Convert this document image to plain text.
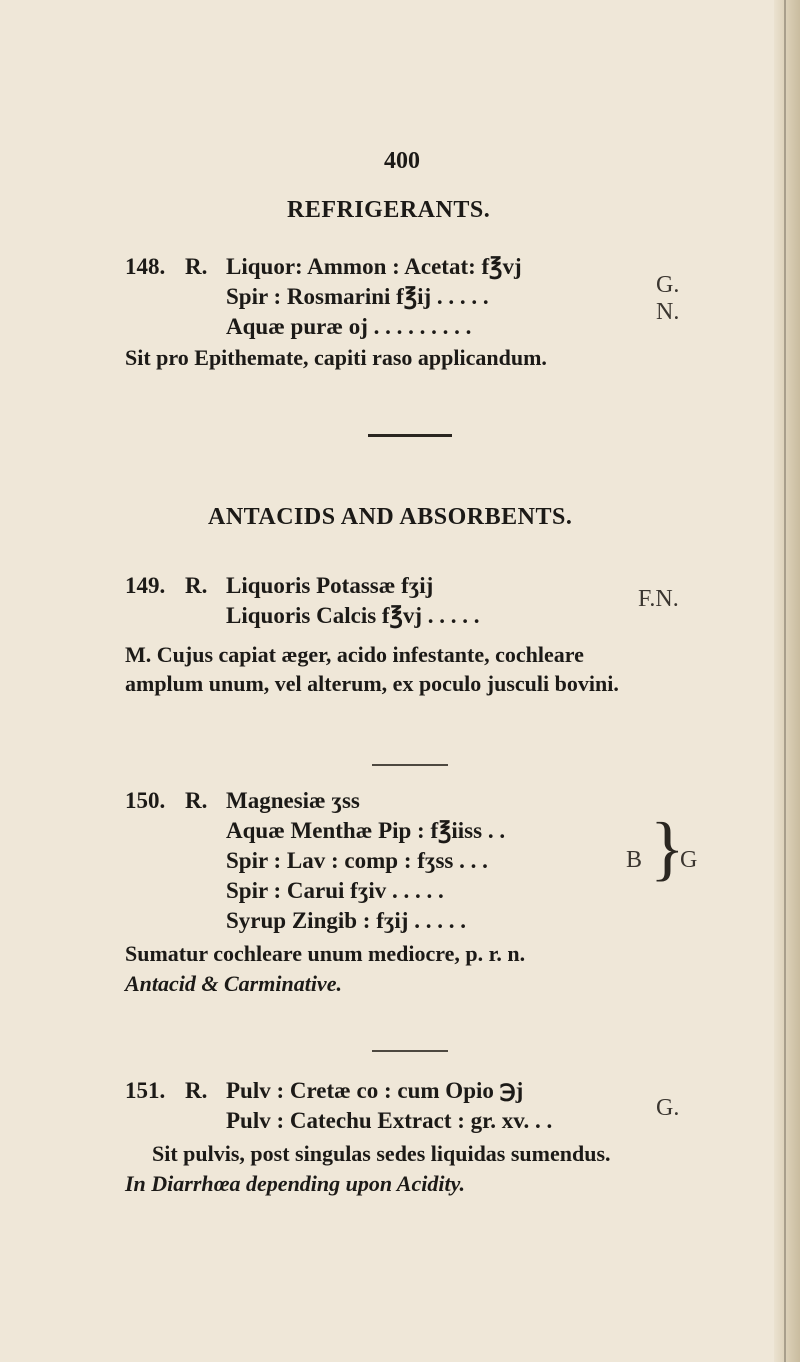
400
REFRIGERANTS.
148. R. Liquor: Ammon : Acetat: f℥vj
Spir : Rosmarini f℥ij . . . . .
Aquæ puræ oj . . . . . . . . .
G.
N.
Sit pro Epithemate, capiti raso applicandum.
ANTACIDS AND ABSORBENTS.
149. R. Liquoris Potassæ fʒij
Liquoris Calcis f℥vj . . . . .
F.N.
M. Cujus capiat æger, acido infestante, cochleare
amplum unum, vel alterum, ex poculo jusculi bovini.
150. R. Magnesiæ ʒss
Aquæ Menthæ Pip : f℥iiss . .
Spir : Lav : comp : fʒss . . .
Spir : Carui fʒiv . . . . .
Syrup Zingib : fʒij . . . . .
B }
G
Sumatur cochleare unum mediocre, p. r. n.
Antacid & Carminative.
151. R. Pulv : Cretæ co : cum Opio ℈j
Pulv : Catechu Extract : gr. xv. . .	G.
Sit pulvis, post singulas sedes liquidas sumendus.
In Diarrhœa depending upon Acidity.
